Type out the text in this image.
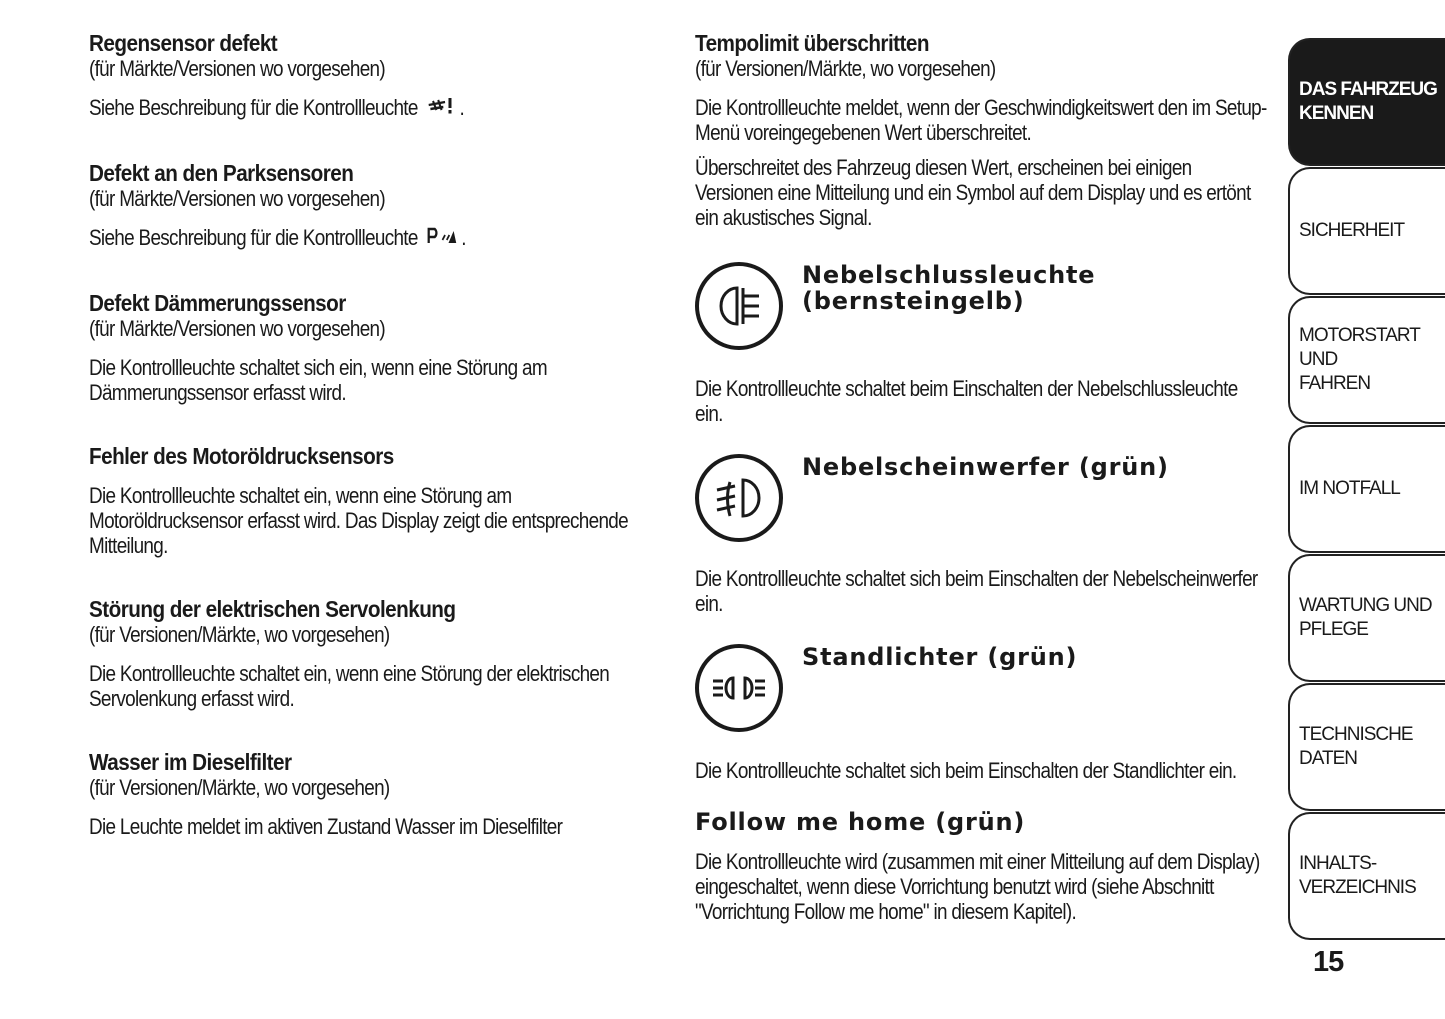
Regensensor defekt

(für Märkte/Versionen wo vorgesehen)

Siehe Beschreibung für die Kontrollleuchte .

Defekt an den Parksensoren

(für Märkte/Versionen wo vorgesehen)

Siehe Beschreibung für die Kontrollleuchte .

Defekt Dämmerungssensor

(für Märkte/Versionen wo vorgesehen)

Die Kontrollleuchte schaltet sich ein, wenn eine Störung am Dämmerungssensor erfasst wird.

Fehler des Motoröldrucksensors

Die Kontrollleuchte schaltet ein, wenn eine Störung am Motoröldrucksensor erfasst wird. Das Display zeigt die entsprechende Mitteilung.

Störung der elektrischen Servolenkung

(für Versionen/Märkte, wo vorgesehen)

Die Kontrollleuchte schaltet ein, wenn eine Störung der elektrischen Servolenkung erfasst wird.

Wasser im Dieselfilter

(für Versionen/Märkte, wo vorgesehen)

Die Leuchte meldet im aktiven Zustand Wasser im Dieselfilter

Tempolimit überschritten

(für Versionen/Märkte, wo vorgesehen)

Die Kontrollleuchte meldet, wenn der Geschwindigkeitswert den im Setup-Menü voreingegebenen Wert überschreitet.

Überschreitet des Fahrzeug diesen Wert, erscheinen bei einigen Versionen eine Mitteilung und ein Symbol auf dem Display und es ertönt ein akustisches Signal.

Nebelschlussleuchte (bernsteingelb)

Die Kontrollleuchte schaltet beim Einschalten der Nebelschlussleuchte ein.

Nebelscheinwerfer (grün)

Die Kontrollleuchte schaltet sich beim Einschalten der Nebelscheinwerfer ein.

Standlichter (grün)

Die Kontrollleuchte schaltet sich beim Einschalten der Standlichter ein.

Follow me home (grün)

Die Kontrollleuchte wird (zusammen mit einer Mitteilung auf dem Display) eingeschaltet, wenn diese Vorrichtung benutzt wird (siehe Abschnitt "Vorrichtung Follow me home" in diesem Kapitel).

DAS FAHRZEUG
KENNEN
SICHERHEIT
MOTORSTART UND
FAHREN
IM NOTFALL
WARTUNG UND
PFLEGE
TECHNISCHE DATEN
INHALTS-
VERZEICHNIS
15
